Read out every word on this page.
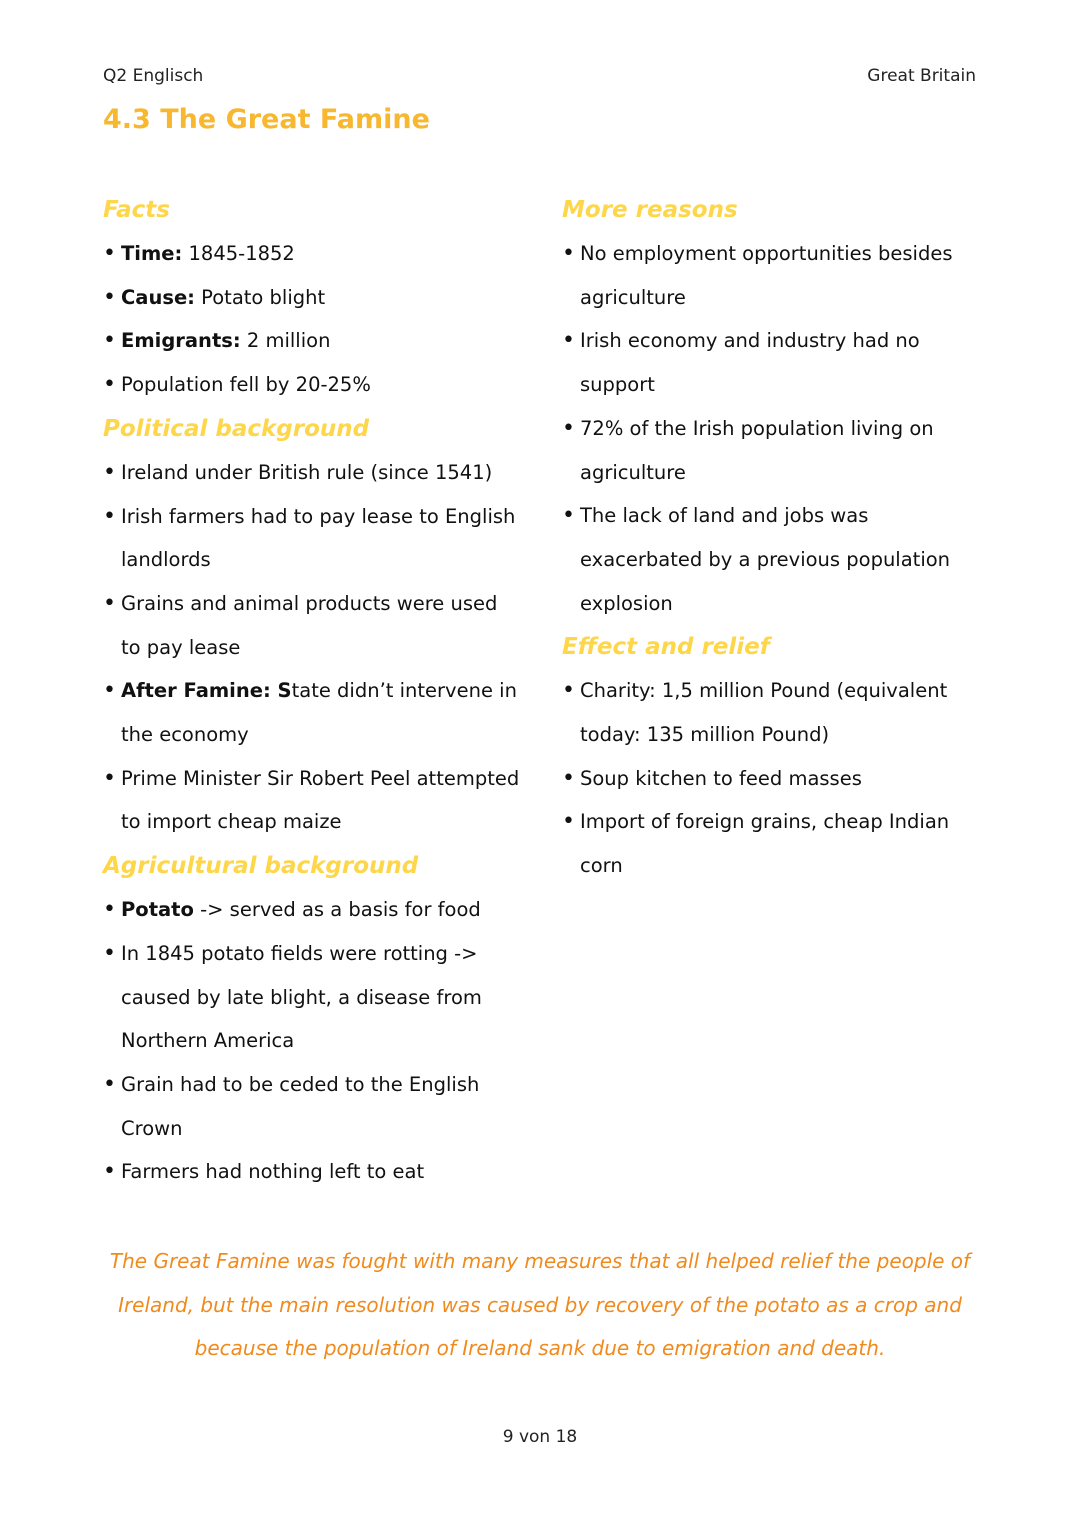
Q2 Englisch	Great Britain
4.3 The Great Famine
Facts
• Time: 1845-1852
• Cause: Potato blight
• Emigrants: 2 million
• Population fell by 20-25%
Political background
• Ireland under British rule (since 1541)
• Irish farmers had to pay lease to English landlords
• Grains and animal products were used to pay lease
• After Famine: State didn’t intervene in the economy
• Prime Minister Sir Robert Peel attempted to import cheap maize
Agricultural background
• Potato -> served as a basis for food
• In 1845 potato fields were rotting -> caused by late blight, a disease from Northern America
• Grain had to be ceded to the English Crown
• Farmers had nothing left to eat
More reasons
• No employment opportunities besides agriculture
• Irish economy and industry had no support
• 72% of the Irish population living on agriculture
• The lack of land and jobs was exacerbated by a previous population explosion
Effect and relief
• Charity: 1,5 million Pound (equivalent today: 135 million Pound)
• Soup kitchen to feed masses
• Import of foreign grains, cheap Indian corn

The Great Famine was fought with many measures that all helped relief the people of Ireland, but the main resolution was caused by recovery of the potato as a crop and because the population of Ireland sank due to emigration and death.

9 von 18
